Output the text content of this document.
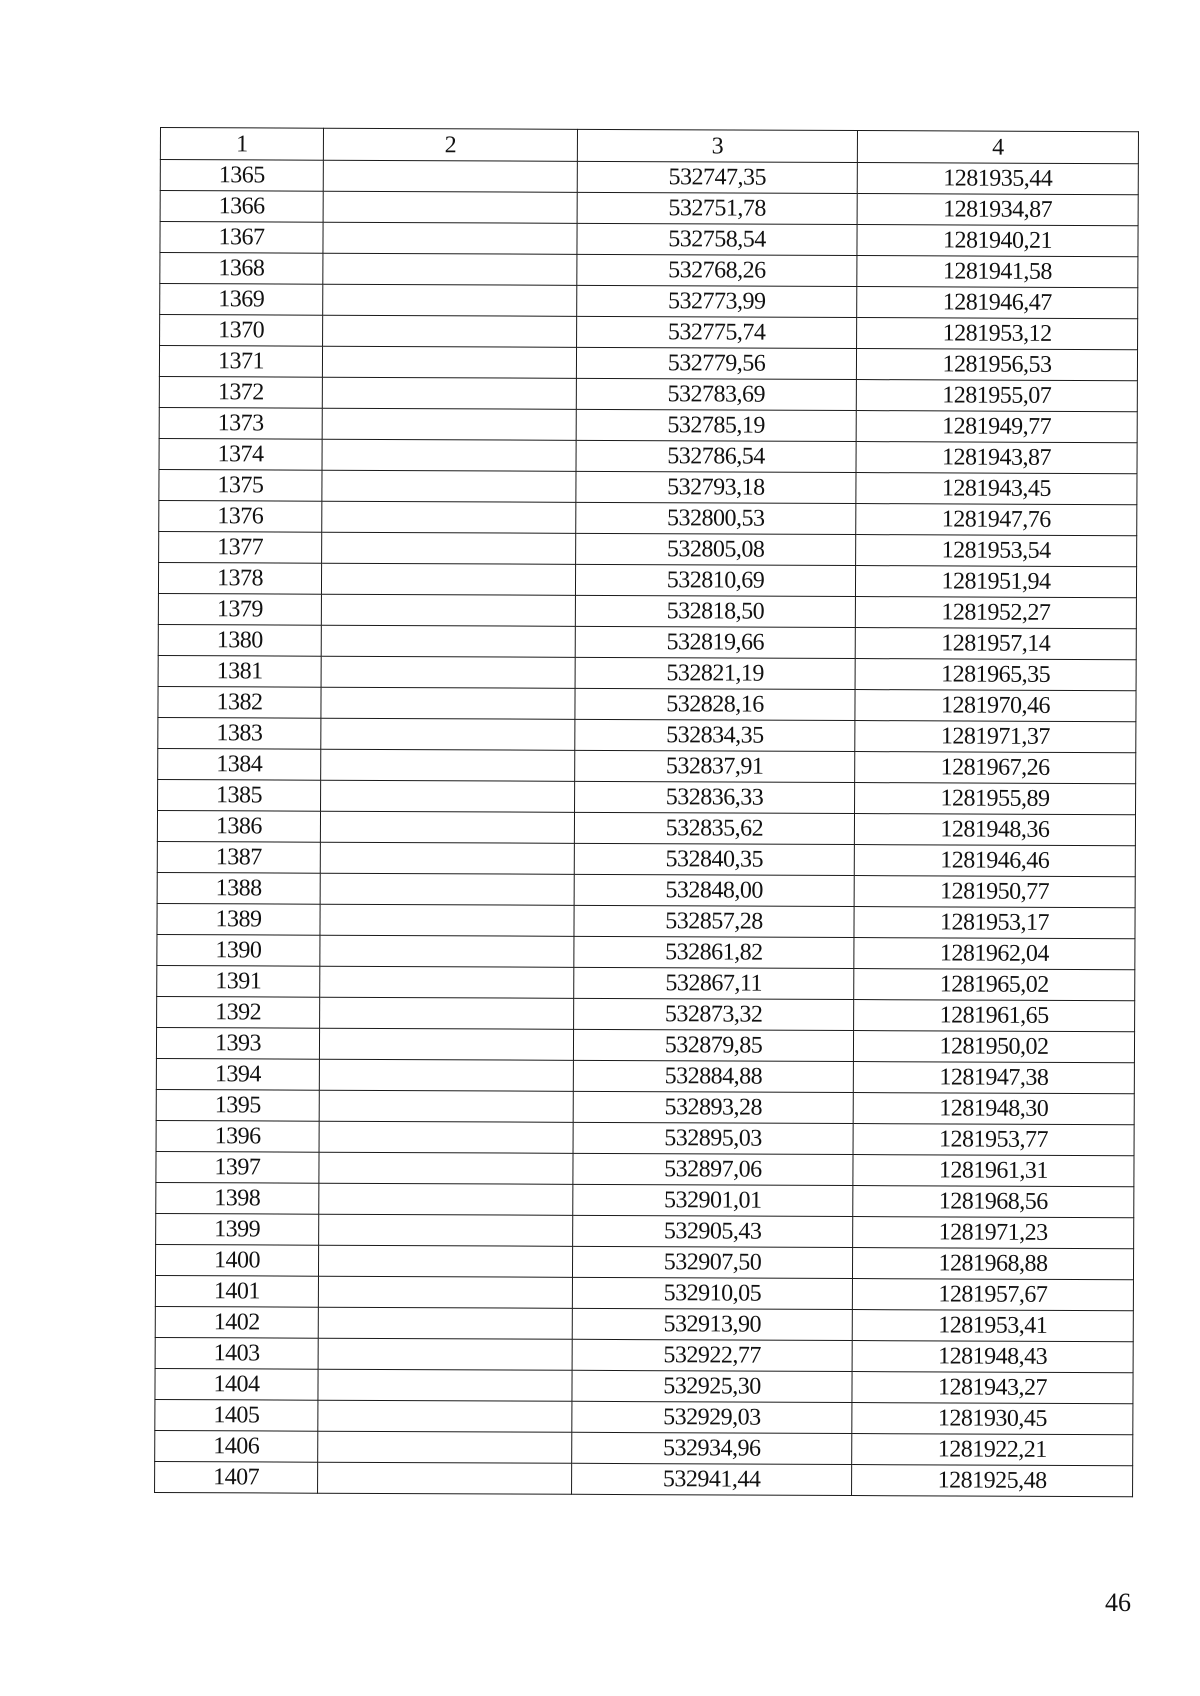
1	2	3	4
1365		532747,35	1281935,44
1366		532751,78	1281934,87
1367		532758,54	1281940,21
1368		532768,26	1281941,58
1369		532773,99	1281946,47
1370		532775,74	1281953,12
1371		532779,56	1281956,53
1372		532783,69	1281955,07
1373		532785,19	1281949,77
1374		532786,54	1281943,87
1375		532793,18	1281943,45
1376		532800,53	1281947,76
1377		532805,08	1281953,54
1378		532810,69	1281951,94
1379		532818,50	1281952,27
1380		532819,66	1281957,14
1381		532821,19	1281965,35
1382		532828,16	1281970,46
1383		532834,35	1281971,37
1384		532837,91	1281967,26
1385		532836,33	1281955,89
1386		532835,62	1281948,36
1387		532840,35	1281946,46
1388		532848,00	1281950,77
1389		532857,28	1281953,17
1390		532861,82	1281962,04
1391		532867,11	1281965,02
1392		532873,32	1281961,65
1393		532879,85	1281950,02
1394		532884,88	1281947,38
1395		532893,28	1281948,30
1396		532895,03	1281953,77
1397		532897,06	1281961,31
1398		532901,01	1281968,56
1399		532905,43	1281971,23
1400		532907,50	1281968,88
1401		532910,05	1281957,67
1402		532913,90	1281953,41
1403		532922,77	1281948,43
1404		532925,30	1281943,27
1405		532929,03	1281930,45
1406		532934,96	1281922,21
1407		532941,44	1281925,48
46
